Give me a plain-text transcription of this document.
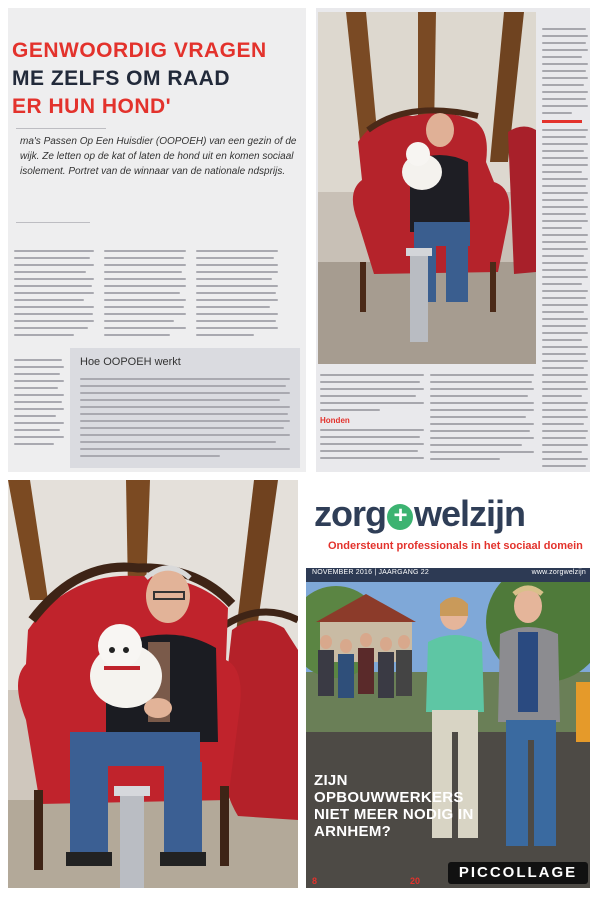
GENWOORDIG VRAGEN
ME ZELFS OM RAAD
ER HUN HOND'
ma's Passen Op Een Huisdier (OOPOEH) van een gezin of de wijk. Ze letten op de kat of laten de hond uit en komen sociaal isolement. Portret van de winnaar van de nationale ndsprijs.
Hoe OOPOEH werkt
Honden
zorg + welzijn
Ondersteunt professionals in het sociaal domein
NOVEMBER 2016 | JAARGANG 22	www.zorgwelzijn
ZIJN OPBOUWWERKERS NIET MEER NODIG IN ARNHEM?
8	20	PICCOLLAGE
